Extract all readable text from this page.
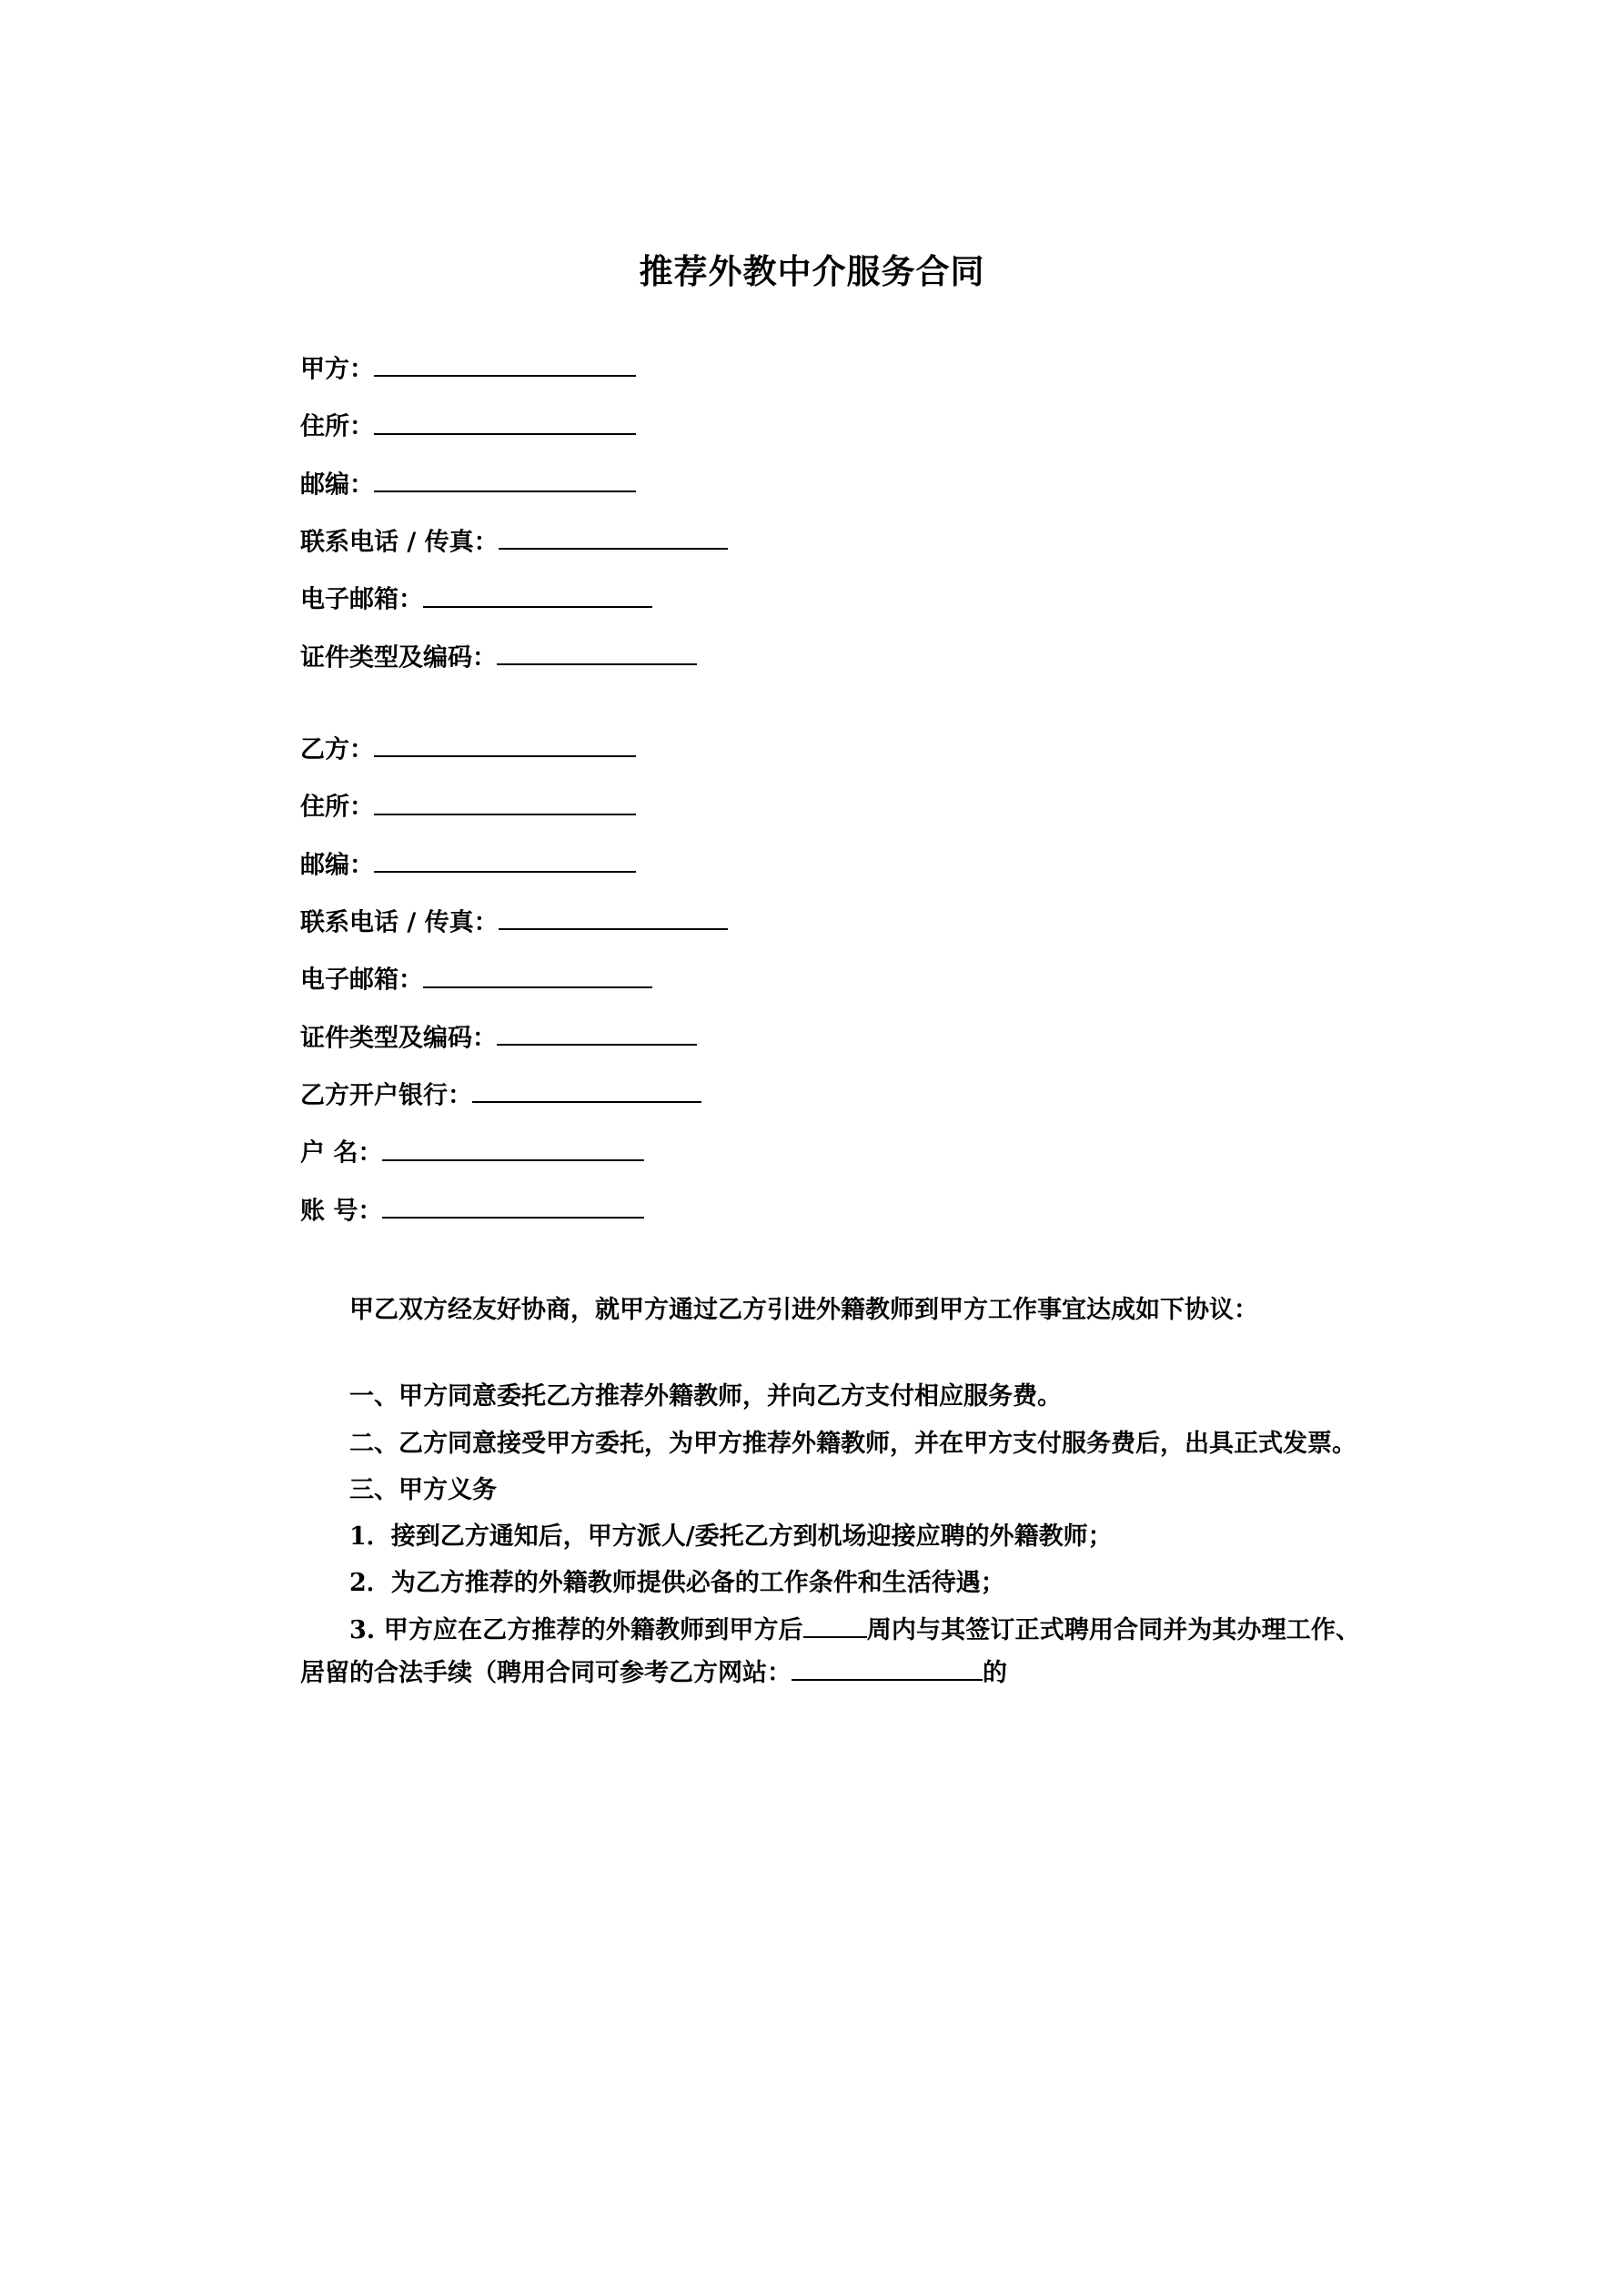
推荐外教中介服务合同
甲方：
住所：
邮编：
联系电话 / 传真：
电子邮箱：
证件类型及编码：
乙方：
住所：
邮编：
联系电话 / 传真：
电子邮箱：
证件类型及编码：
乙方开户银行：
户 名：
账 号：

甲乙双方经友好协商，就甲方通过乙方引进外籍教师到甲方工作事宜达成如下协议：

一、甲方同意委托乙方推荐外籍教师，并向乙方支付相应服务费。

二、乙方同意接受甲方委托，为甲方推荐外籍教师，并在甲方支付服务费后，出具正式发票。

三、甲方义务

1．接到乙方通知后，甲方派人/委托乙方到机场迎接应聘的外籍教师；

2．为乙方推荐的外籍教师提供必备的工作条件和生活待遇；

3. 甲方应在乙方推荐的外籍教师到甲方后	周内与其签订正式聘用合同并为其办理工作、居留的合法手续（聘用合同可参考乙方网站：	的
